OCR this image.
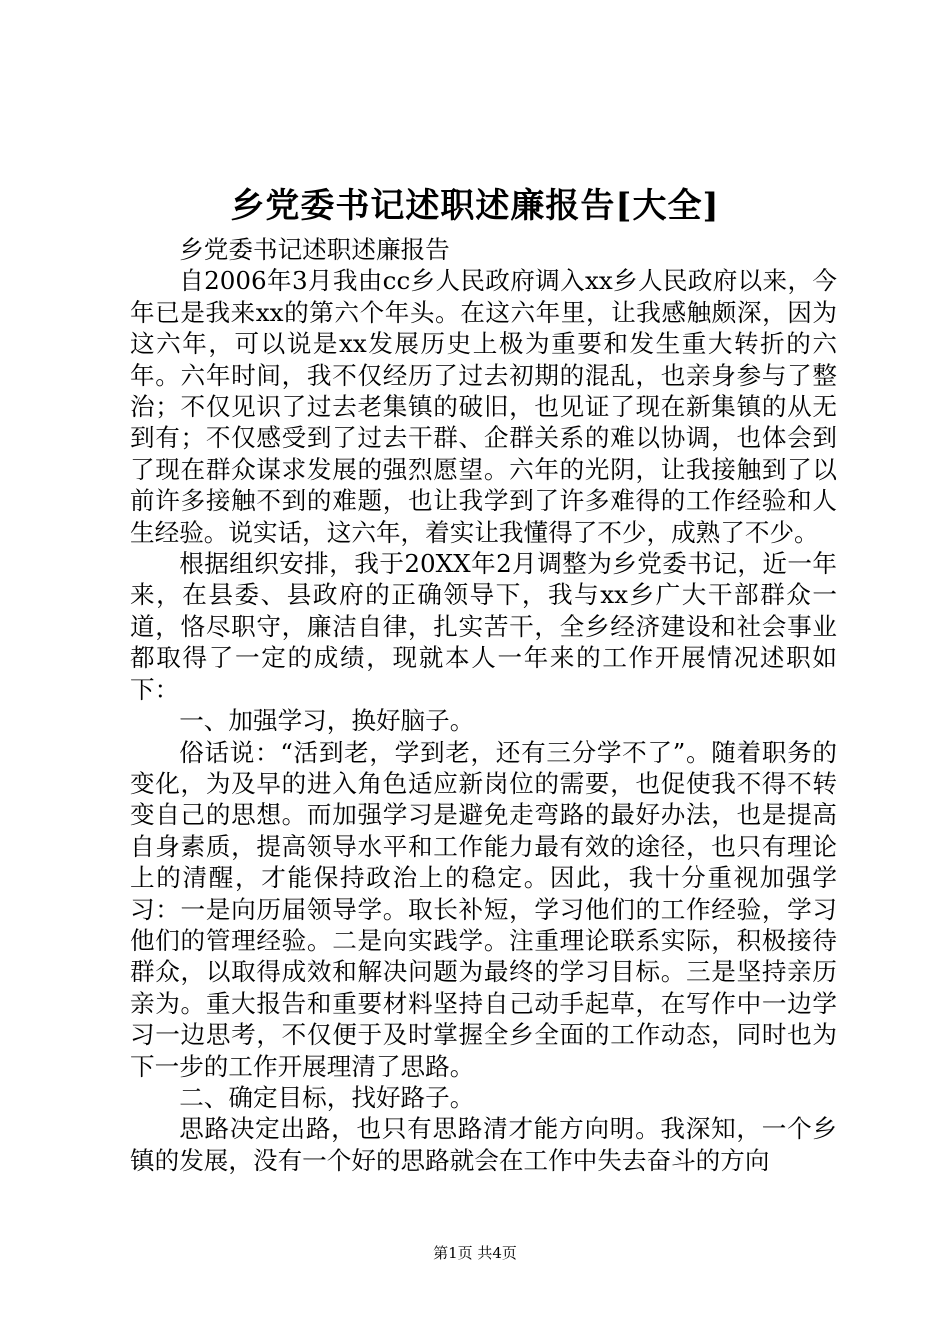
乡党委书记述职述廉报告[大全]

乡党委书记述职述廉报告

自2006年3月我由cc乡人民政府调入xx乡人民政府以来，今年已是我来xx的第六个年头。在这六年里，让我感触颇深，因为这六年，可以说是xx发展历史上极为重要和发生重大转折的六年。六年时间，我不仅经历了过去初期的混乱，也亲身参与了整治；不仅见识了过去老集镇的破旧，也见证了现在新集镇的从无到有；不仅感受到了过去干群、企群关系的难以协调，也体会到了现在群众谋求发展的强烈愿望。六年的光阴，让我接触到了以前许多接触不到的难题，也让我学到了许多难得的工作经验和人生经验。说实话，这六年，着实让我懂得了不少，成熟了不少。

根据组织安排，我于20XX年2月调整为乡党委书记，近一年来，在县委、县政府的正确领导下，我与xx乡广大干部群众一道，恪尽职守，廉洁自律，扎实苦干，全乡经济建设和社会事业都取得了一定的成绩，现就本人一年来的工作开展情况述职如下：

一、加强学习，换好脑子。

俗话说：“活到老，学到老，还有三分学不了”。随着职务的变化，为及早的进入角色适应新岗位的需要，也促使我不得不转变自己的思想。而加强学习是避免走弯路的最好办法，也是提高自身素质，提高领导水平和工作能力最有效的途径，也只有理论上的清醒，才能保持政治上的稳定。因此，我十分重视加强学习：一是向历届领导学。取长补短，学习他们的工作经验，学习他们的管理经验。二是向实践学。注重理论联系实际，积极接待群众，以取得成效和解决问题为最终的学习目标。三是坚持亲历亲为。重大报告和重要材料坚持自己动手起草，在写作中一边学习一边思考，不仅便于及时掌握全乡全面的工作动态，同时也为下一步的工作开展理清了思路。

二、确定目标，找好路子。

思路决定出路，也只有思路清才能方向明。我深知，一个乡镇的发展，没有一个好的思路就会在工作中失去奋斗的方向

第1页 共4页
